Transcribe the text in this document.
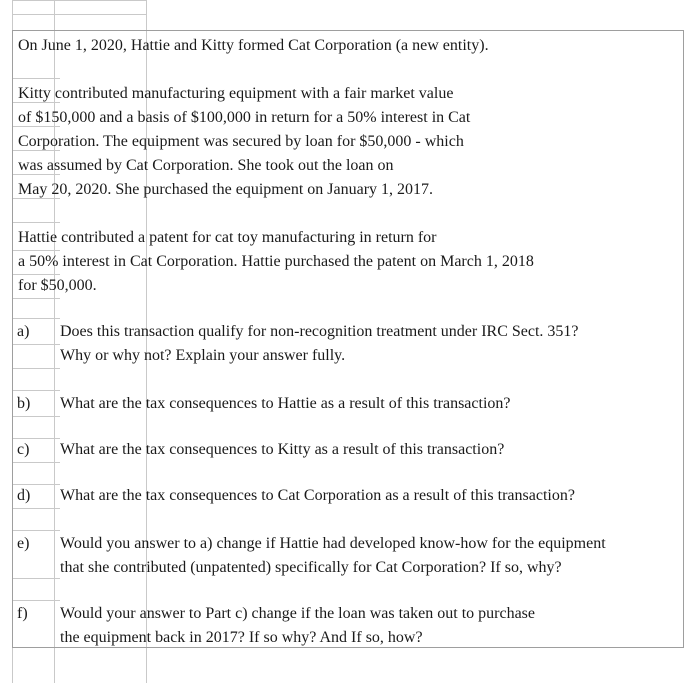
On June 1, 2020, Hattie and Kitty formed Cat Corporation (a new entity).
Kitty contributed manufacturing equipment with a fair market value
of $150,000 and a basis of $100,000 in return for a 50% interest in Cat
Corporation. The equipment was secured by loan for $50,000 - which
was assumed by Cat Corporation. She took out the loan on
May 20, 2020. She purchased the equipment on January 1, 2017.
Hattie contributed a patent for cat toy manufacturing in return for
a 50% interest in Cat Corporation. Hattie purchased the patent on March 1, 2018
for $50,000.
a) Does this transaction qualify for non-recognition treatment under IRC Sect. 351?
Why or why not? Explain your answer fully.
b) What are the tax consequences to Hattie as a result of this transaction?
c) What are the tax consequences to Kitty as a result of this transaction?
d) What are the tax consequences to Cat Corporation as a result of this transaction?
e) Would you answer to a) change if Hattie had developed know-how for the equipment
that she contributed (unpatented) specifically for Cat Corporation? If so, why?
f) Would your answer to Part c) change if the loan was taken out to purchase
the equipment back in 2017? If so why? And If so, how?
